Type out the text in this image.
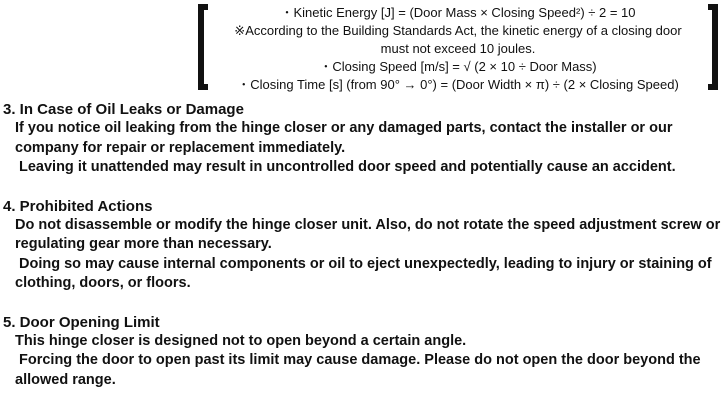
・Kinetic Energy [J] = (Door Mass × Closing Speed²) ÷ 2 = 10
※According to the Building Standards Act, the kinetic energy of a closing door
must not exceed 10 joules.
・Closing Speed [m/s] = √ (2 × 10 ÷ Door Mass)
・Closing Time [s] (from 90° → 0°) = (Door Width × π) ÷ (2 × Closing Speed)
3. In Case of Oil Leaks or Damage
If you notice oil leaking from the hinge closer or any damaged parts, contact the installer or our company for repair or replacement immediately.
Leaving it unattended may result in uncontrolled door speed and potentially cause an accident.
4. Prohibited Actions
Do not disassemble or modify the hinge closer unit. Also, do not rotate the speed adjustment screw or regulating gear more than necessary.
Doing so may cause internal components or oil to eject unexpectedly, leading to injury or staining of clothing, doors, or floors.
5. Door Opening Limit
This hinge closer is designed not to open beyond a certain angle.
Forcing the door to open past its limit may cause damage. Please do not open the door beyond the allowed range.
